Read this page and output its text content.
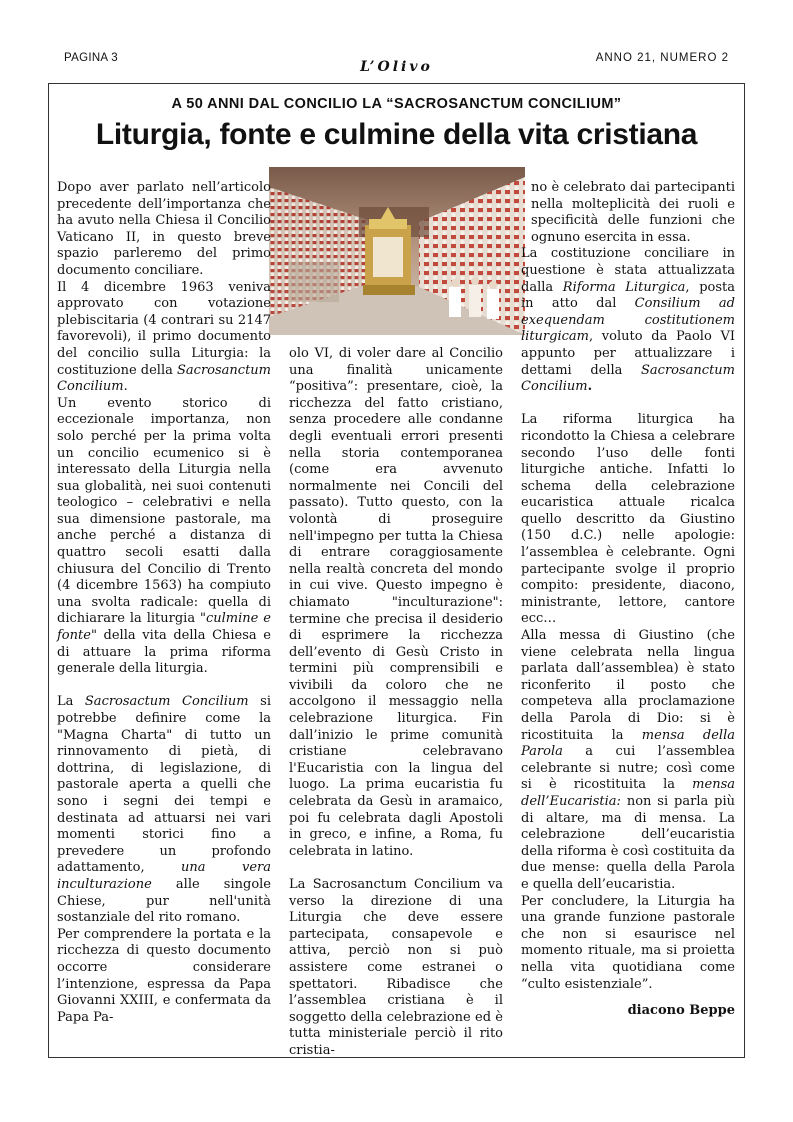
PAGINA 3
L’Olivo
ANNO 21, NUMERO 2
A 50 ANNI DAL CONCILIO LA “SACROSANCTUM CONCILIUM”
Liturgia, fonte e culmine della vita cristiana

Dopo aver parlato nell’articolo precedente dell’importanza che ha avuto nella Chiesa il Concilio Vaticano II, in questo breve spazio parleremo del primo documento conciliare.

Il 4 dicembre 1963 veniva approvato con votazione plebiscitaria (4 contrari su 2147 favorevoli), il primo documento del concilio sulla Liturgia: la costituzione della Sacrosanctum Concilium.

Un evento storico di eccezionale importanza, non solo perché per la prima volta un concilio ecumenico si è interessato della Liturgia nella sua globalità, nei suoi contenuti teologico – celebrativi e nella sua dimensione pastorale, ma anche perché a distanza di quattro secoli esatti dalla chiusura del Concilio di Trento (4 dicembre 1563) ha compiuto una svolta radicale: quella di dichiarare la liturgia "culmine e fonte" della vita della Chiesa e di attuare la prima riforma generale della liturgia.

La Sacrosactum Concilium si potrebbe definire come la "Magna Charta" di tutto un rinnovamento di pietà, di dottrina, di legislazione, di pastorale aperta a quelli che sono i segni dei tempi e destinata ad attuarsi nei vari momenti storici fino a prevedere un profondo adattamento, una vera inculturazione alle singole Chiese, pur nell'unità sostanziale del rito romano.

Per comprendere la portata e la ricchezza di questo documento occorre considerare l’intenzione, espressa da Papa Giovanni XXIII, e confermata da Papa Pa-

olo VI, di voler dare al Concilio una finalità unicamente “positiva”: presentare, cioè, la ricchezza del fatto cristiano, senza procedere alle condanne degli eventuali errori presenti nella storia contemporanea (come era avvenuto normalmente nei Concili del passato). Tutto questo, con la volontà di proseguire nell'impegno per tutta la Chiesa di entrare coraggiosamente nella realtà concreta del mondo in cui vive. Questo impegno è chiamato "inculturazione": termine che precisa il desiderio di esprimere la ricchezza dell’evento di Gesù Cristo in termini più comprensibili e vivibili da coloro che ne accolgono il messaggio nella celebrazione liturgica. Fin dall’inizio le prime comunità cristiane celebravano l'Eucaristia con la lingua del luogo. La prima eucaristia fu celebrata da Gesù in aramaico, poi fu celebrata dagli Apostoli in greco, e infine, a Roma, fu celebrata in latino.

La Sacrosanctum Concilium va verso la direzione di una Liturgia che deve essere partecipata, consapevole e attiva, perciò non si può assistere come estranei o spettatori. Ribadisce che l’assemblea cristiana è il soggetto della celebrazione ed è tutta ministeriale perciò il rito cristia-

no è celebrato dai partecipanti nella molteplicità dei ruoli e specificità delle funzioni che ognuno esercita in essa.

La costituzione conciliare in questione è stata attualizzata dalla Riforma Liturgica, posta in atto dal Consilium ad exequendam costitutionem liturgicam, voluto da Paolo VI appunto per attualizzare i dettami della Sacrosanctum Concilium.

La riforma liturgica ha ricondotto la Chiesa a celebrare secondo l’uso delle fonti liturgiche antiche. Infatti lo schema della celebrazione eucaristica attuale ricalca quello descritto da Giustino (150 d.C.) nelle apologie: l’assemblea è celebrante. Ogni partecipante svolge il proprio compito: presidente, diacono, ministrante, lettore, cantore ecc…

Alla messa di Giustino (che viene celebrata nella lingua parlata dall’assemblea) è stato riconferito il posto che competeva alla proclamazione della Parola di Dio: si è ricostituita la mensa della Parola a cui l’assemblea celebrante si nutre; così come si è ricostituita la mensa dell’Eucaristia: non si parla più di altare, ma di mensa. La celebrazione dell’eucaristia della riforma è così costituita da due mense: quella della Parola e quella dell’eucaristia.

Per concludere, la Liturgia ha una grande funzione pastorale che non si esaurisce nel momento rituale, ma si proietta nella vita quotidiana come “culto esistenziale”.

diacono Beppe
